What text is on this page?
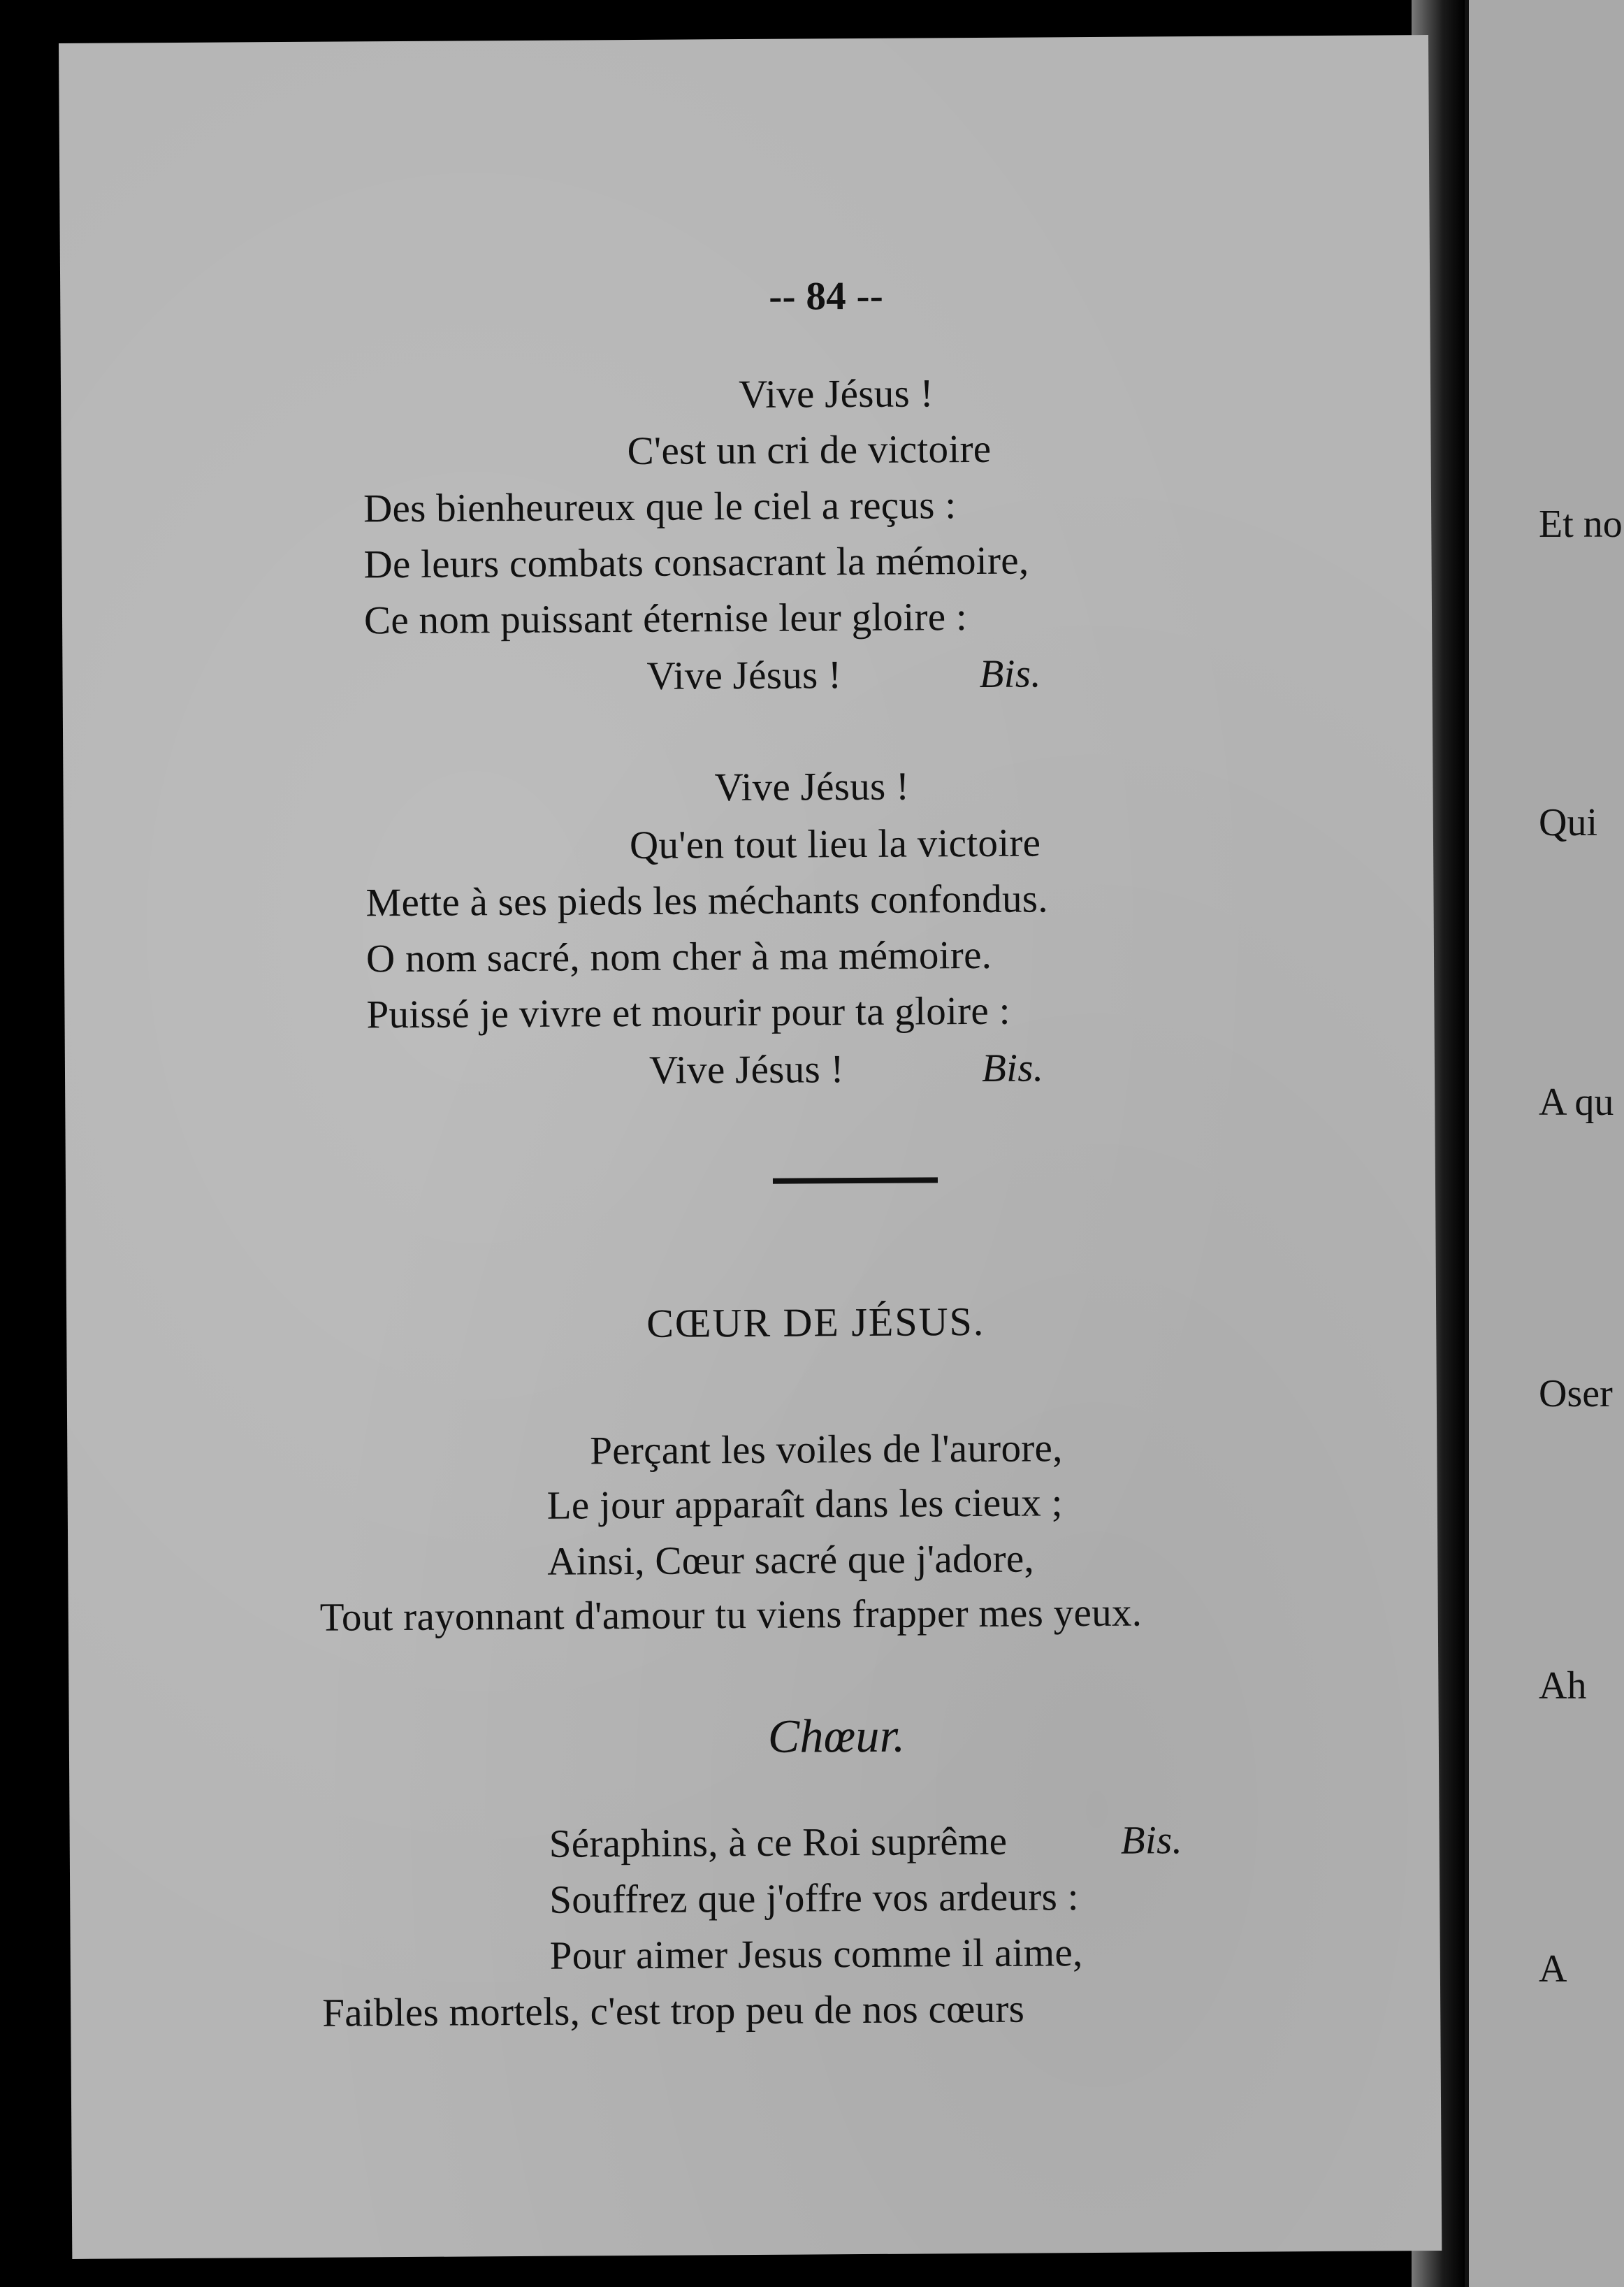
Et no
Qui
A qu
Oser
Ah
A
-- 84 --
Vive Jésus !
C'est un cri de victoire
Des bienheureux que le ciel a reçus :
De leurs combats consacrant la mémoire,
Ce nom puissant éternise leur gloire :
Vive Jésus !	Bis.
Vive Jésus !
Qu'en tout lieu la victoire
Mette à ses pieds les méchants confondus.
O nom sacré, nom cher à ma mémoire.
Puissé je vivre et mourir pour ta gloire :
Vive Jésus !	Bis.
CŒUR DE JÉSUS.
Perçant les voiles de l'aurore,
Le jour apparaît dans les cieux ;
Ainsi, Cœur sacré que j'adore,
Tout rayonnant d'amour tu viens frapper mes yeux.
Chœur.
Séraphins, à ce Roi suprême	Bis.
Souffrez que j'offre vos ardeurs :
Pour aimer Jesus comme il aime,
Faibles mortels, c'est trop peu de nos cœurs
